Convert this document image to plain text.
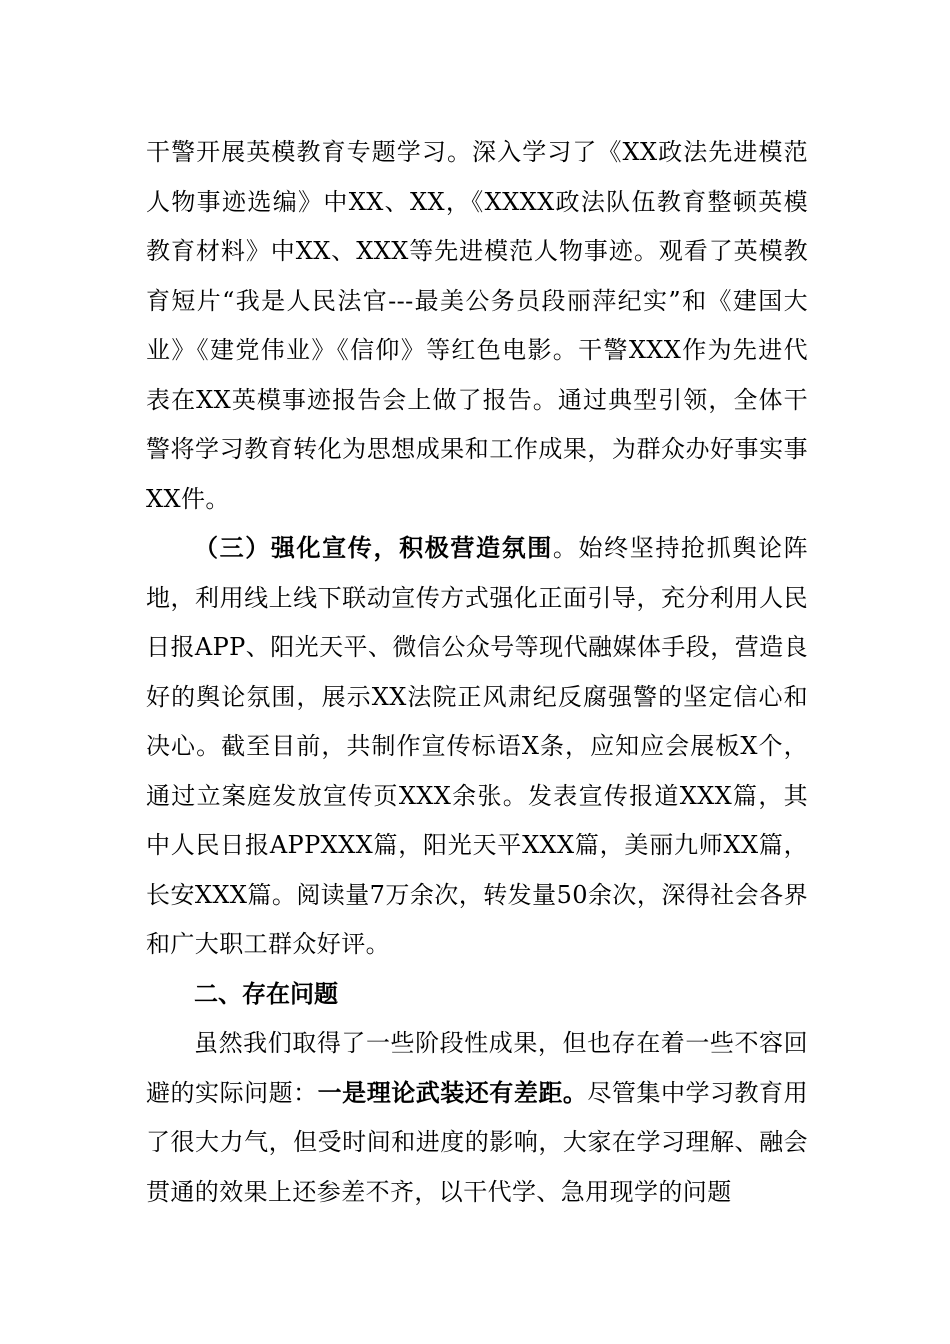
干警开展英模教育专题学习。深入学习了《XX政法先进模范人物事迹选编》中XX、XX，《XXXX政法队伍教育整顿英模教育材料》中XX、XXX等先进模范人物事迹。观看了英模教育短片“我是人民法官---最美公务员段丽萍纪实”和《建国大业》《建党伟业》《信仰》等红色电影。干警XXX作为先进代表在XX英模事迹报告会上做了报告。通过典型引领，全体干警将学习教育转化为思想成果和工作成果，为群众办好事实事XX件。

（三）强化宣传，积极营造氛围。始终坚持抢抓舆论阵地，利用线上线下联动宣传方式强化正面引导，充分利用人民日报APP、阳光天平、微信公众号等现代融媒体手段，营造良好的舆论氛围，展示XX法院正风肃纪反腐强警的坚定信心和决心。截至目前，共制作宣传标语X条，应知应会展板X个，通过立案庭发放宣传页XXX余张。发表宣传报道XXX篇，其中人民日报APPXXX篇，阳光天平XXX篇，美丽九师XX篇，长安XXX篇。阅读量7万余次，转发量50余次，深得社会各界和广大职工群众好评。

二、存在问题

虽然我们取得了一些阶段性成果，但也存在着一些不容回避的实际问题：一是理论武装还有差距。尽管集中学习教育用了很大力气，但受时间和进度的影响，大家在学习理解、融会贯通的效果上还参差不齐，以干代学、急用现学的问题
